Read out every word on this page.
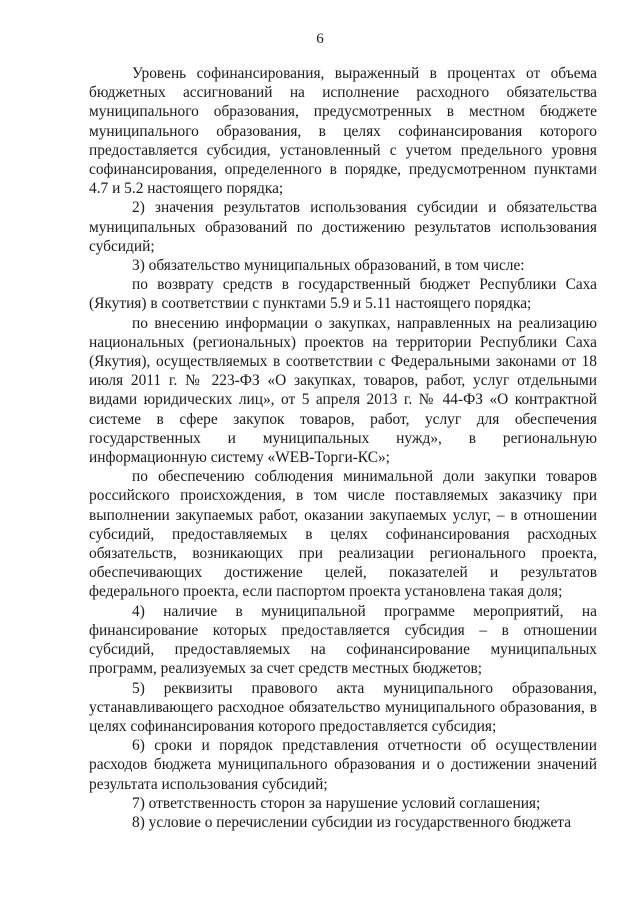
6

Уровень софинансирования, выраженный в процентах от объема бюджетных ассигнований на исполнение расходного обязательства муниципального образования, предусмотренных в местном бюджете муниципального образования, в целях софинансирования которого предоставляется субсидия, установленный с учетом предельного уровня софинансирования, определенного в порядке, предусмотренном пунктами 4.7 и 5.2 настоящего порядка;

2) значения результатов использования субсидии и обязательства муниципальных образований по достижению результатов использования субсидий;

3) обязательство муниципальных образований, в том числе:

по возврату средств в государственный бюджет Республики Саха (Якутия) в соответствии с пунктами 5.9 и 5.11 настоящего порядка;

по внесению информации о закупках, направленных на реализацию национальных (региональных) проектов на территории Республики Саха (Якутия), осуществляемых в соответствии с Федеральными законами от 18 июля 2011 г. № 223-ФЗ «О закупках, товаров, работ, услуг отдельными видами юридических лиц», от 5 апреля 2013 г. № 44-ФЗ «О контрактной системе в сфере закупок товаров, работ, услуг для обеспечения государственных и муниципальных нужд», в региональную информационную систему «WEB-Торги-КС»;

по обеспечению соблюдения минимальной доли закупки товаров российского происхождения, в том числе поставляемых заказчику при выполнении закупаемых работ, оказании закупаемых услуг, – в отношении субсидий, предоставляемых в целях софинансирования расходных обязательств, возникающих при реализации регионального проекта, обеспечивающих достижение целей, показателей и результатов федерального проекта, если паспортом проекта установлена такая доля;

4) наличие в муниципальной программе мероприятий, на финансирование которых предоставляется субсидия – в отношении субсидий, предоставляемых на софинансирование муниципальных программ, реализуемых за счет средств местных бюджетов;

5) реквизиты правового акта муниципального образования, устанавливающего расходное обязательство муниципального образования, в целях софинансирования которого предоставляется субсидия;

6) сроки и порядок представления отчетности об осуществлении расходов бюджета муниципального образования и о достижении значений результата использования субсидий;

7) ответственность сторон за нарушение условий соглашения;

8) условие о перечислении субсидии из государственного бюджета
